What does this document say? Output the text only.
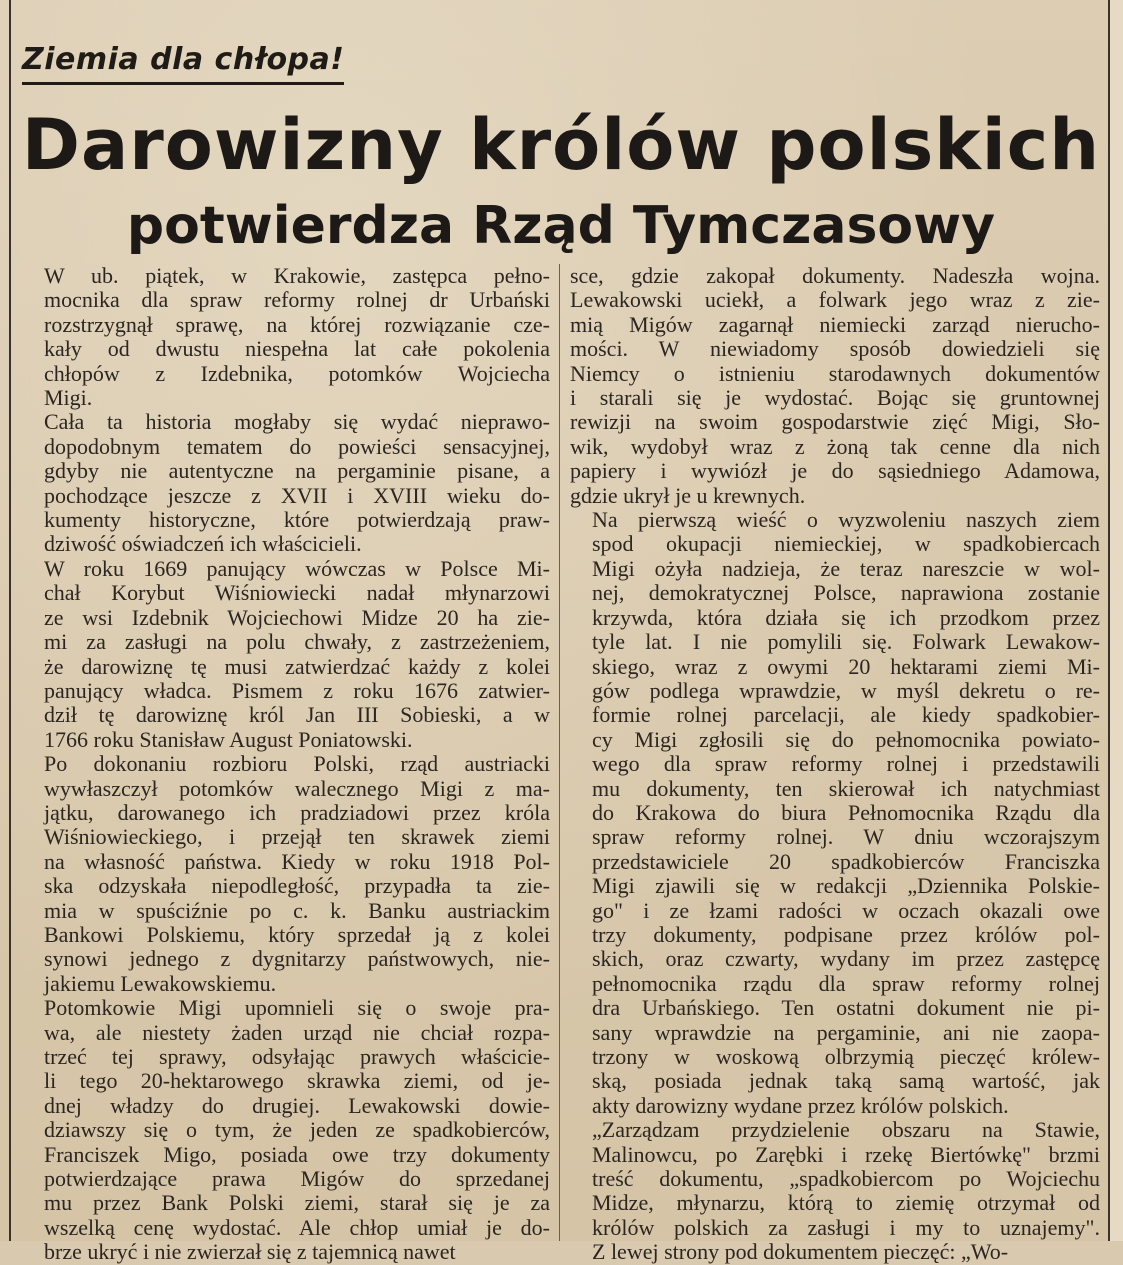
Ziemia dla chłopa!
Darowizny królów polskich
potwierdza Rząd Tymczasowy

W ub. piątek, w Krakowie, zastępca pełno-
mocnika dla spraw reformy rolnej dr Urbański
rozstrzygnął sprawę, na której rozwiązanie cze-
kały od dwustu niespełna lat całe pokolenia
chłopów z Izdebnika, potomków Wojciecha
Migi.

Cała ta historia mogłaby się wydać nieprawo-
dopodobnym tematem do powieści sensacyjnej,
gdyby nie autentyczne na pergaminie pisane, a
pochodzące jeszcze z XVII i XVIII wieku do-
kumenty historyczne, które potwierdzają praw-
dziwość oświadczeń ich właścicieli.

W roku 1669 panujący wówczas w Polsce Mi-
chał Korybut Wiśniowiecki nadał młynarzowi
ze wsi Izdebnik Wojciechowi Midze 20 ha zie-
mi za zasługi na polu chwały, z zastrzeżeniem,
że darowiznę tę musi zatwierdzać każdy z kolei
panujący władca. Pismem z roku 1676 zatwier-
dził tę darowiznę król Jan III Sobieski, a w
1766 roku Stanisław August Poniatowski.

Po dokonaniu rozbioru Polski, rząd austriacki
wywłaszczył potomków walecznego Migi z ma-
jątku, darowanego ich pradziadowi przez króla
Wiśniowieckiego, i przejął ten skrawek ziemi
na własność państwa. Kiedy w roku 1918 Pol-
ska odzyskała niepodległość, przypadła ta zie-
mia w spuściźnie po c. k. Banku austriackim
Bankowi Polskiemu, który sprzedał ją z kolei
synowi jednego z dygnitarzy państwowych, nie-
jakiemu Lewakowskiemu.

Potomkowie Migi upomnieli się o swoje pra-
wa, ale niestety żaden urząd nie chciał rozpa-
trzeć tej sprawy, odsyłając prawych właścicie-
li tego 20-hektarowego skrawka ziemi, od je-
dnej władzy do drugiej. Lewakowski dowie-
dziawszy się o tym, że jeden ze spadkobierców,
Franciszek Migo, posiada owe trzy dokumenty
potwierdzające prawa Migów do sprzedanej
mu przez Bank Polski ziemi, starał się je za
wszelką cenę wydostać. Ale chłop umiał je do-
brze ukryć i nie zwierzał się z tajemnicą nawet

sce, gdzie zakopał dokumenty. Nadeszła wojna.
Lewakowski uciekł, a folwark jego wraz z zie-
mią Migów zagarnął niemiecki zarząd nierucho-
mości. W niewiadomy sposób dowiedzieli się
Niemcy o istnieniu starodawnych dokumentów
i starali się je wydostać. Bojąc się gruntownej
rewizji na swoim gospodarstwie zięć Migi, Sło-
wik, wydobył wraz z żoną tak cenne dla nich
papiery i wywiózł je do sąsiedniego Adamowa,
gdzie ukrył je u krewnych.

Na pierwszą wieść o wyzwoleniu naszych ziem
spod okupacji niemieckiej, w spadkobiercach
Migi ożyła nadzieja, że teraz nareszcie w wol-
nej, demokratycznej Polsce, naprawiona zostanie
krzywda, która działa się ich przodkom przez
tyle lat. I nie pomylili się. Folwark Lewakow-
skiego, wraz z owymi 20 hektarami ziemi Mi-
gów podlega wprawdzie, w myśl dekretu o re-
formie rolnej parcelacji, ale kiedy spadkobier-
cy Migi zgłosili się do pełnomocnika powiato-
wego dla spraw reformy rolnej i przedstawili
mu dokumenty, ten skierował ich natychmiast
do Krakowa do biura Pełnomocnika Rządu dla
spraw reformy rolnej. W dniu wczorajszym
przedstawiciele 20 spadkobierców Franciszka
Migi zjawili się w redakcji „Dziennika Polskie-
go" i ze łzami radości w oczach okazali owe
trzy dokumenty, podpisane przez królów pol-
skich, oraz czwarty, wydany im przez zastępcę
pełnomocnika rządu dla spraw reformy rolnej
dra Urbańskiego. Ten ostatni dokument nie pi-
sany wprawdzie na pergaminie, ani nie zaopa-
trzony w woskową olbrzymią pieczęć królew-
ską, posiada jednak taką samą wartość, jak
akty darowizny wydane przez królów polskich.

„Zarządzam przydzielenie obszaru na Stawie,
Malinowcu, po Zarębki i rzekę Biertówkę" brzmi
treść dokumentu, „spadkobiercom po Wojciechu
Midze, młynarzu, którą to ziemię otrzymał od
królów polskich za zasługi i my to uznajemy".
Z lewej strony pod dokumentem pieczęć: „Wo-
